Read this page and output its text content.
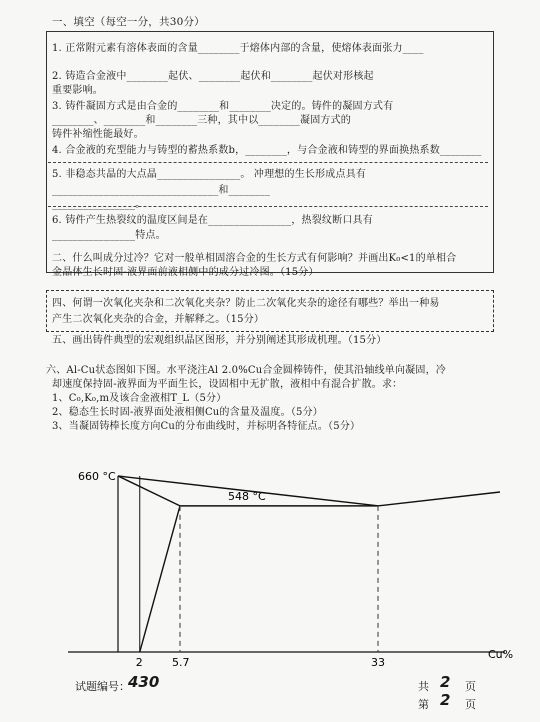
一、填空（每空一分，共30分）
1. 正常附元素有溶体表面的含量________于熔体内部的含量，使熔体表面张力____
2. 铸造合金液中________起伏、________起伏和________起伏对形核起
重要影响。
3. 铸件凝固方式是由合金的________和________决定的。铸件的凝固方式有
________、________和________三种，其中以________凝固方式的
铸件补缩性能最好。
4. 合金液的充型能力与铸型的蓄热系数b，________，与合金液和铸型的界面换热系数________
5. 非稳态共晶的大点晶________________。 冲理想的生长形成点具有
________________________________和________
________________。
6. 铸件产生热裂纹的温度区间是在________________，热裂纹断口具有
________________特点。
二、什么叫成分过冷？它对一般单相固溶合金的生长方式有何影响？并画出K₀<1的单相合
金晶体生长时固-液界面前液相侧中的成分过冷图。（15分）
四、何谓一次氧化夹杂和二次氧化夹杂？防止二次氧化夹杂的途径有哪些？举出一种易
产生二次氧化夹杂的合金，并解释之。（15分）
五、画出铸件典型的宏观组织晶区图形，并分别阐述其形成机理。（15分）
六、Al-Cu状态图如下图。水平浇注Al 2.0%Cu合金圆棒铸件，使其沿轴线单向凝固，冷
却速度保持固-液界面为平面生长，设固相中无扩散，液相中有混合扩散。求：
1、C₀,K₀,m及该合金液相T_L（5分）
2、稳态生长时固-液界面处液相侧Cu的含量及温度。（5分）
3、当凝固铸棒长度方向Cu的分布曲线时，并标明各特征点。（5分）
660 °C
548 °C
2	5.7	33
Cu%
试题编号：
430	共 2 页
第 2 页
